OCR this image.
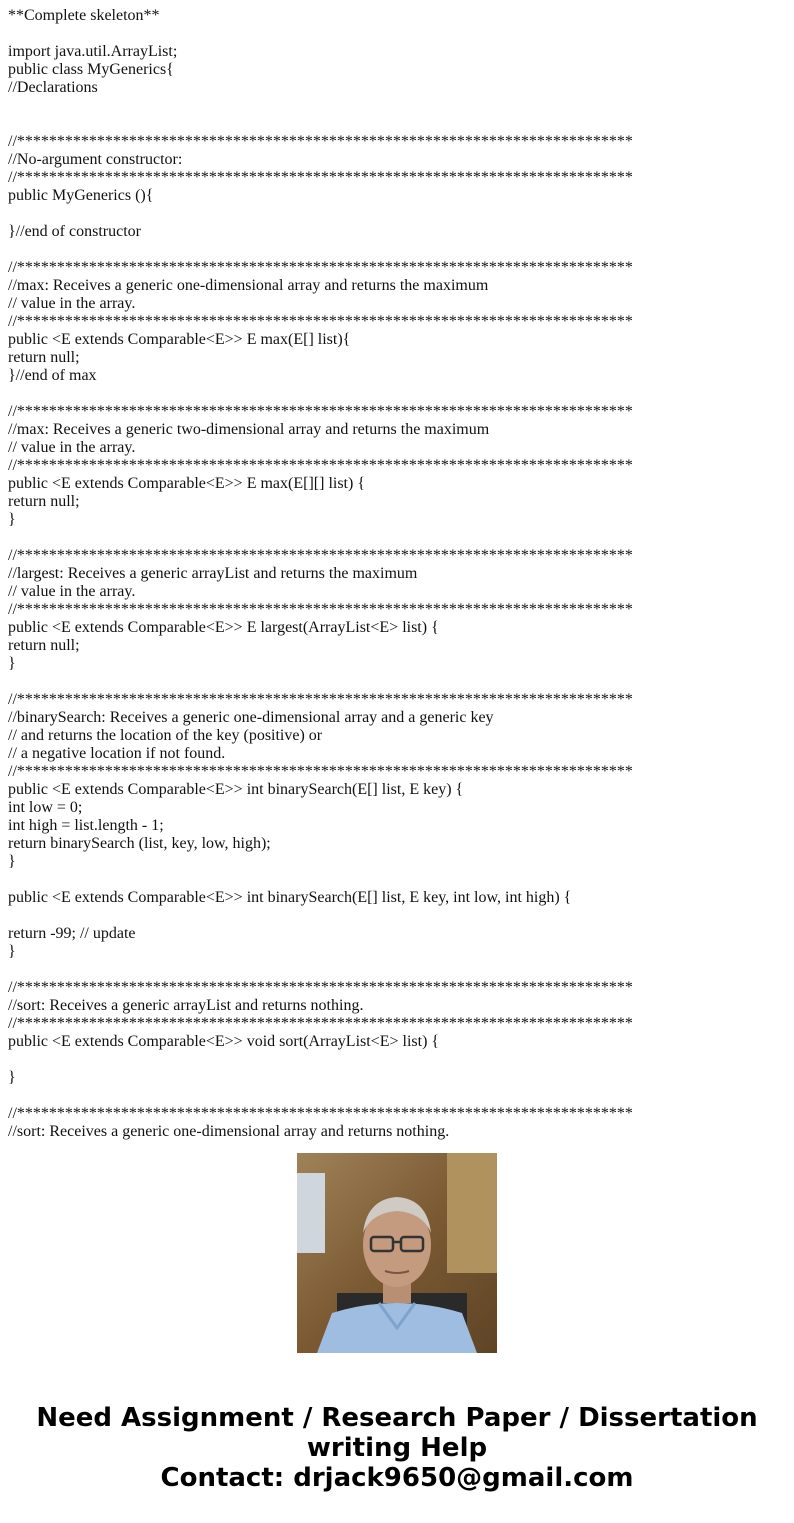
**Complete skeleton**
import java.util.ArrayList;
public class MyGenerics{
//Declarations
//*****************************************************************************
//No-argument constructor:
//*****************************************************************************
public MyGenerics (){
}//end of constructor
//*****************************************************************************
//max: Receives a generic one-dimensional array and returns the maximum
// value in the array.
//*****************************************************************************
public <E extends Comparable<E>> E max(E[] list){
return null;
}//end of max
//*****************************************************************************
//max: Receives a generic two-dimensional array and returns the maximum
// value in the array.
//*****************************************************************************
public <E extends Comparable<E>> E max(E[][] list) {
return null;
}
//*****************************************************************************
//largest: Receives a generic arrayList and returns the maximum
// value in the array.
//*****************************************************************************
public <E extends Comparable<E>> E largest(ArrayList<E> list) {
return null;
}
//*****************************************************************************
//binarySearch: Receives a generic one-dimensional array and a generic key
// and returns the location of the key (positive) or
// a negative location if not found.
//*****************************************************************************
public <E extends Comparable<E>> int binarySearch(E[] list, E key) {
int low = 0;
int high = list.length - 1;
return binarySearch (list, key, low, high);
}
public <E extends Comparable<E>> int binarySearch(E[] list, E key, int low, int high) {
return -99; // update
}
//*****************************************************************************
//sort: Receives a generic arrayList and returns nothing.
//*****************************************************************************
public <E extends Comparable<E>> void sort(ArrayList<E> list) {
}
//*****************************************************************************
//sort: Receives a generic one-dimensional array and returns nothing.
Need Assignment / Research Paper / Dissertation
writing Help
Contact: drjack9650@gmail.com
